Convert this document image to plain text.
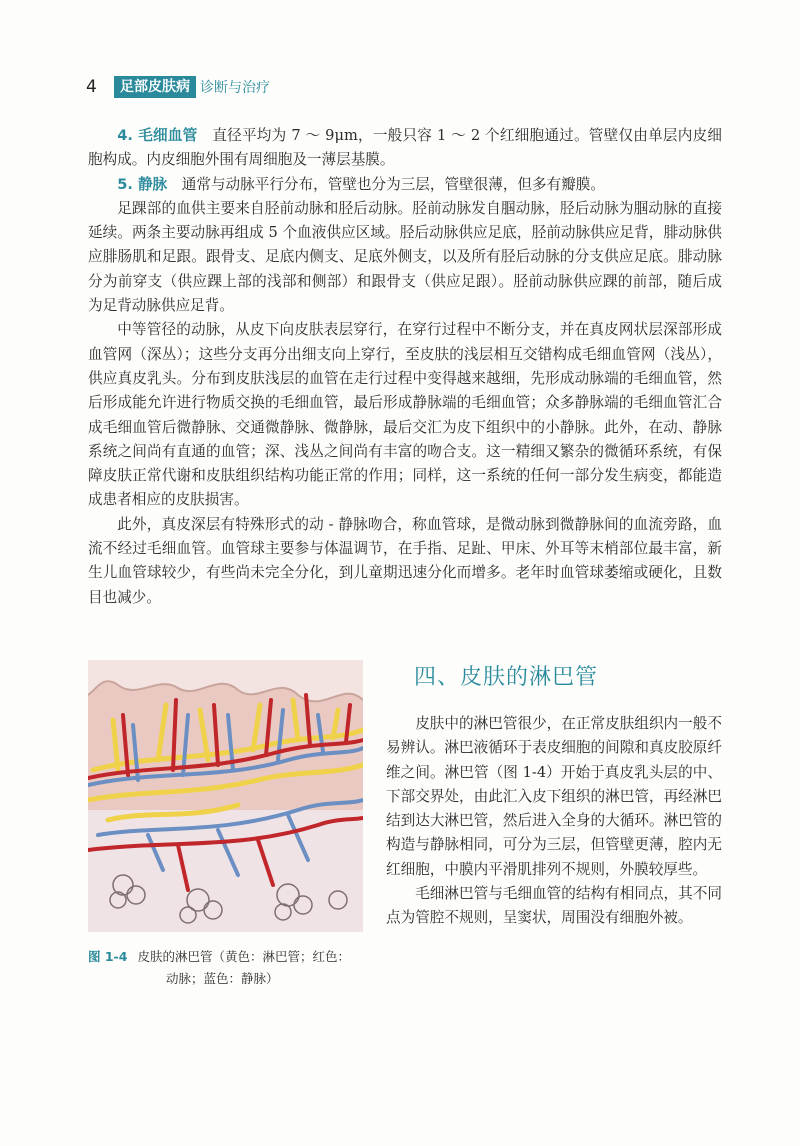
4	足部皮肤病 诊断与治疗

4. 毛细血管 直径平均为 7 ～ 9μm，一般只容 1 ～ 2 个红细胞通过。管壁仅由单层内皮细胞构成。内皮细胞外围有周细胞及一薄层基膜。

5. 静脉 通常与动脉平行分布，管壁也分为三层，管壁很薄，但多有瓣膜。

足踝部的血供主要来自胫前动脉和胫后动脉。胫前动脉发自腘动脉，胫后动脉为腘动脉的直接延续。两条主要动脉再组成 5 个血液供应区域。胫后动脉供应足底，胫前动脉供应足背，腓动脉供应腓肠肌和足跟。跟骨支、足底内侧支、足底外侧支，以及所有胫后动脉的分支供应足底。腓动脉分为前穿支（供应踝上部的浅部和侧部）和跟骨支（供应足跟）。胫前动脉供应踝的前部，随后成为足背动脉供应足背。

中等管径的动脉，从皮下向皮肤表层穿行，在穿行过程中不断分支，并在真皮网状层深部形成血管网（深丛）；这些分支再分出细支向上穿行，至皮肤的浅层相互交错构成毛细血管网（浅丛），供应真皮乳头。分布到皮肤浅层的血管在走行过程中变得越来越细，先形成动脉端的毛细血管，然后形成能允许进行物质交换的毛细血管，最后形成静脉端的毛细血管；众多静脉端的毛细血管汇合成毛细血管后微静脉、交通微静脉、微静脉，最后交汇为皮下组织中的小静脉。此外，在动、静脉系统之间尚有直通的血管；深、浅丛之间尚有丰富的吻合支。这一精细又繁杂的微循环系统，有保障皮肤正常代谢和皮肤组织结构功能正常的作用；同样，这一系统的任何一部分发生病变，都能造成患者相应的皮肤损害。

此外，真皮深层有特殊形式的动 - 静脉吻合，称血管球，是微动脉到微静脉间的血流旁路，血流不经过毛细血管。血管球主要参与体温调节，在手指、足趾、甲床、外耳等末梢部位最丰富，新生儿血管球较少，有些尚未完全分化，到儿童期迅速分化而增多。老年时血管球萎缩或硬化，且数目也减少。

图 1-4 皮肤的淋巴管（黄色：淋巴管；红色：
动脉；蓝色：静脉）
四、皮肤的淋巴管

皮肤中的淋巴管很少，在正常皮肤组织内一般不易辨认。淋巴液循环于表皮细胞的间隙和真皮胶原纤维之间。淋巴管（图 1-4）开始于真皮乳头层的中、下部交界处，由此汇入皮下组织的淋巴管，再经淋巴结到达大淋巴管，然后进入全身的大循环。淋巴管的构造与静脉相同，可分为三层，但管壁更薄，腔内无红细胞，中膜内平滑肌排列不规则，外膜较厚些。

毛细淋巴管与毛细血管的结构有相同点，其不同点为管腔不规则，呈窦状，周围没有细胞外被。
